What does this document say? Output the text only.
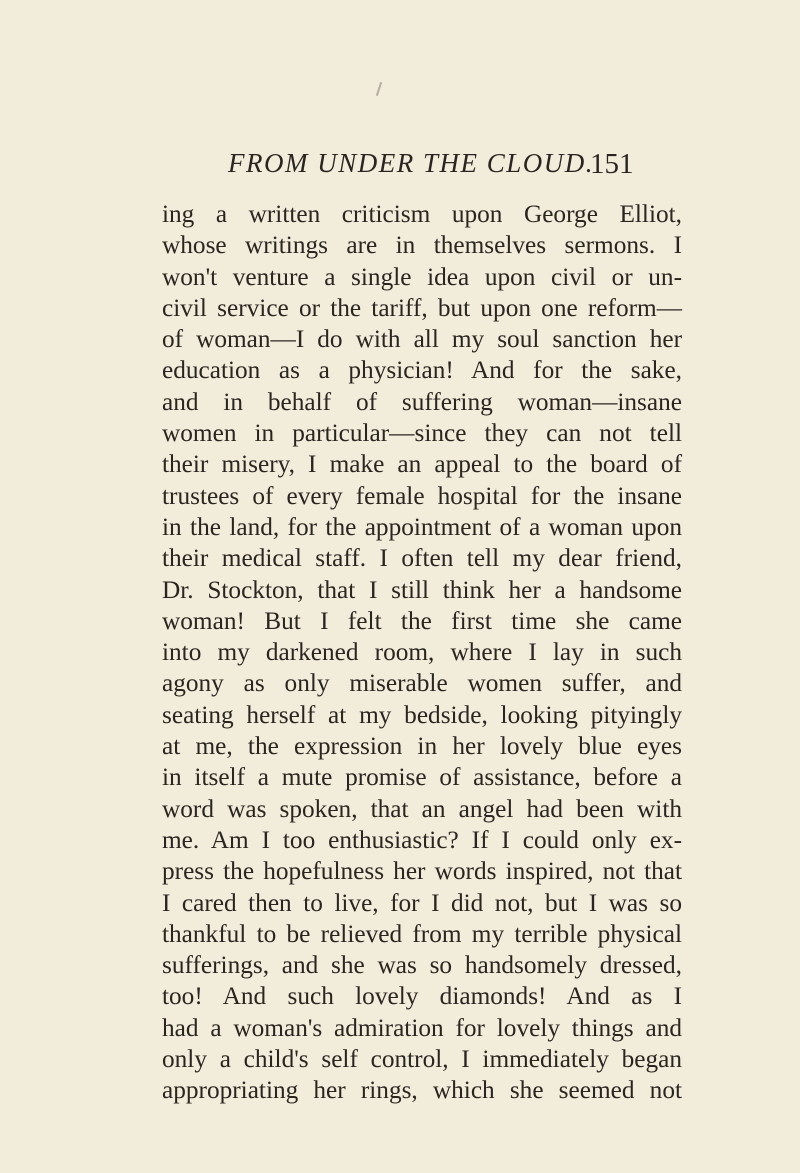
FROM UNDER THE CLOUD.
151
ing a written criticism upon George Elliot,
whose writings are in themselves sermons. I
won't venture a single idea upon civil or un-
civil service or the tariff, but upon one reform—
of woman—I do with all my soul sanction her
education as a physician! And for the sake,
and in behalf of suffering woman—insane
women in particular—since they can not tell
their misery, I make an appeal to the board of
trustees of every female hospital for the insane
in the land, for the appointment of a woman upon
their medical staff. I often tell my dear friend,
Dr. Stockton, that I still think her a handsome
woman! But I felt the first time she came
into my darkened room, where I lay in such
agony as only miserable women suffer, and
seating herself at my bedside, looking pityingly
at me, the expression in her lovely blue eyes
in itself a mute promise of assistance, before a
word was spoken, that an angel had been with
me. Am I too enthusiastic? If I could only ex-
press the hopefulness her words inspired, not that
I cared then to live, for I did not, but I was so
thankful to be relieved from my terrible physical
sufferings, and she was so handsomely dressed,
too! And such lovely diamonds! And as I
had a woman's admiration for lovely things and
only a child's self control, I immediately began
appropriating her rings, which she seemed not
